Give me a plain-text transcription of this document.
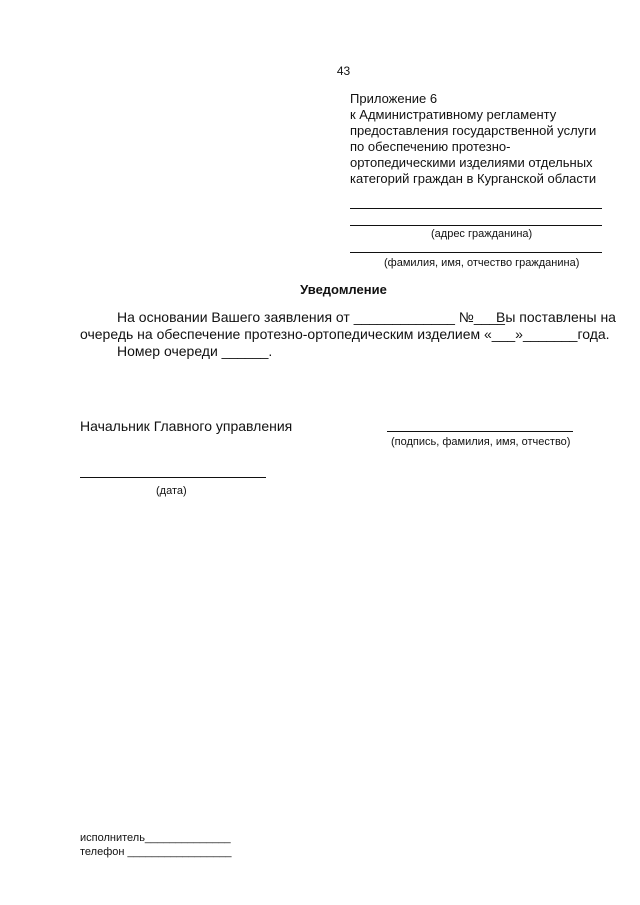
43
Приложение 6
к Административному регламенту
предоставления государственной услуги
по обеспечению протезно-
ортопедическими изделиями отдельных
категорий граждан в Курганской области
(адрес гражданина)
(фамилия, имя, отчество гражданина)
Уведомление
На основании Вашего заявления от _____________ №____
Вы поставлены на
очередь на обеспечение протезно-ортопедическим изделием «___»_______года.
Номер очереди ______.
Начальник Главного управления
(подпись, фамилия, имя, отчество)
(дата)
исполнитель______________
телефон _________________
